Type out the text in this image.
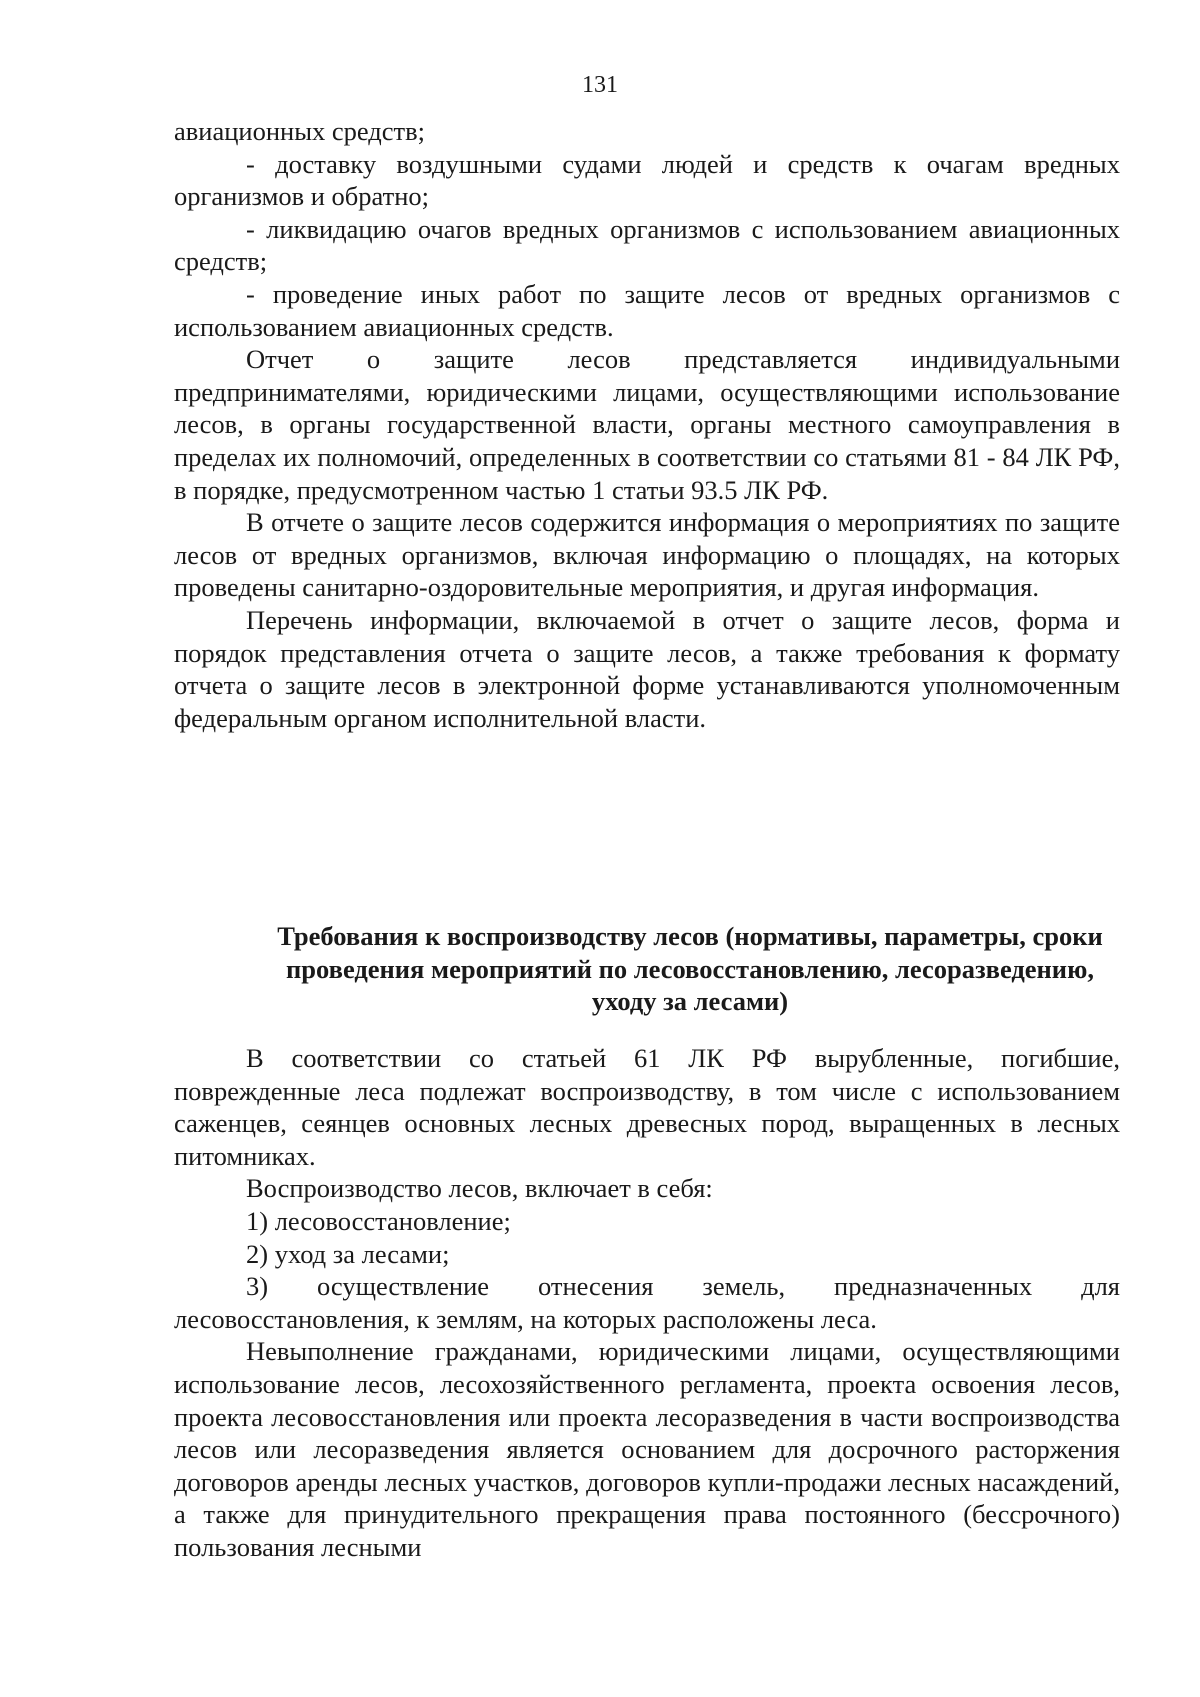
131

авиационных средств;

- доставку воздушными судами людей и средств к очагам вредных организмов и обратно;

- ликвидацию очагов вредных организмов с использованием авиационных средств;

- проведение иных работ по защите лесов от вредных организмов с использованием авиационных средств.

Отчет о защите лесов представляется индивидуальными предпринимателями, юридическими лицами, осуществляющими использование лесов, в органы государственной власти, органы местного самоуправления в пределах их полномочий, определенных в соответствии со статьями 81 - 84 ЛК РФ, в порядке, предусмотренном частью 1 статьи 93.5 ЛК РФ.

В отчете о защите лесов содержится информация о мероприятиях по защите лесов от вредных организмов, включая информацию о площадях, на которых проведены санитарно-оздоровительные мероприятия, и другая информация.

Перечень информации, включаемой в отчет о защите лесов, форма и порядок представления отчета о защите лесов, а также требования к формату отчета о защите лесов в электронной форме устанавливаются уполномоченным федеральным органом исполнительной власти.

Требования к воспроизводству лесов (нормативы, параметры, сроки проведения мероприятий по лесовосстановлению, лесоразведению, уходу за лесами)

В соответствии со статьей 61 ЛК РФ вырубленные, погибшие, поврежденные леса подлежат воспроизводству, в том числе с использованием саженцев, сеянцев основных лесных древесных пород, выращенных в лесных питомниках.

Воспроизводство лесов, включает в себя:

1) лесовосстановление;

2) уход за лесами;

3) осуществление отнесения земель, предназначенных для лесовосстановления, к землям, на которых расположены леса.

Невыполнение гражданами, юридическими лицами, осуществляющими использование лесов, лесохозяйственного регламента, проекта освоения лесов, проекта лесовосстановления или проекта лесоразведения в части воспроизводства лесов или лесоразведения является основанием для досрочного расторжения договоров аренды лесных участков, договоров купли-продажи лесных насаждений, а также для принудительного прекращения права постоянного (бессрочного) пользования лесными
